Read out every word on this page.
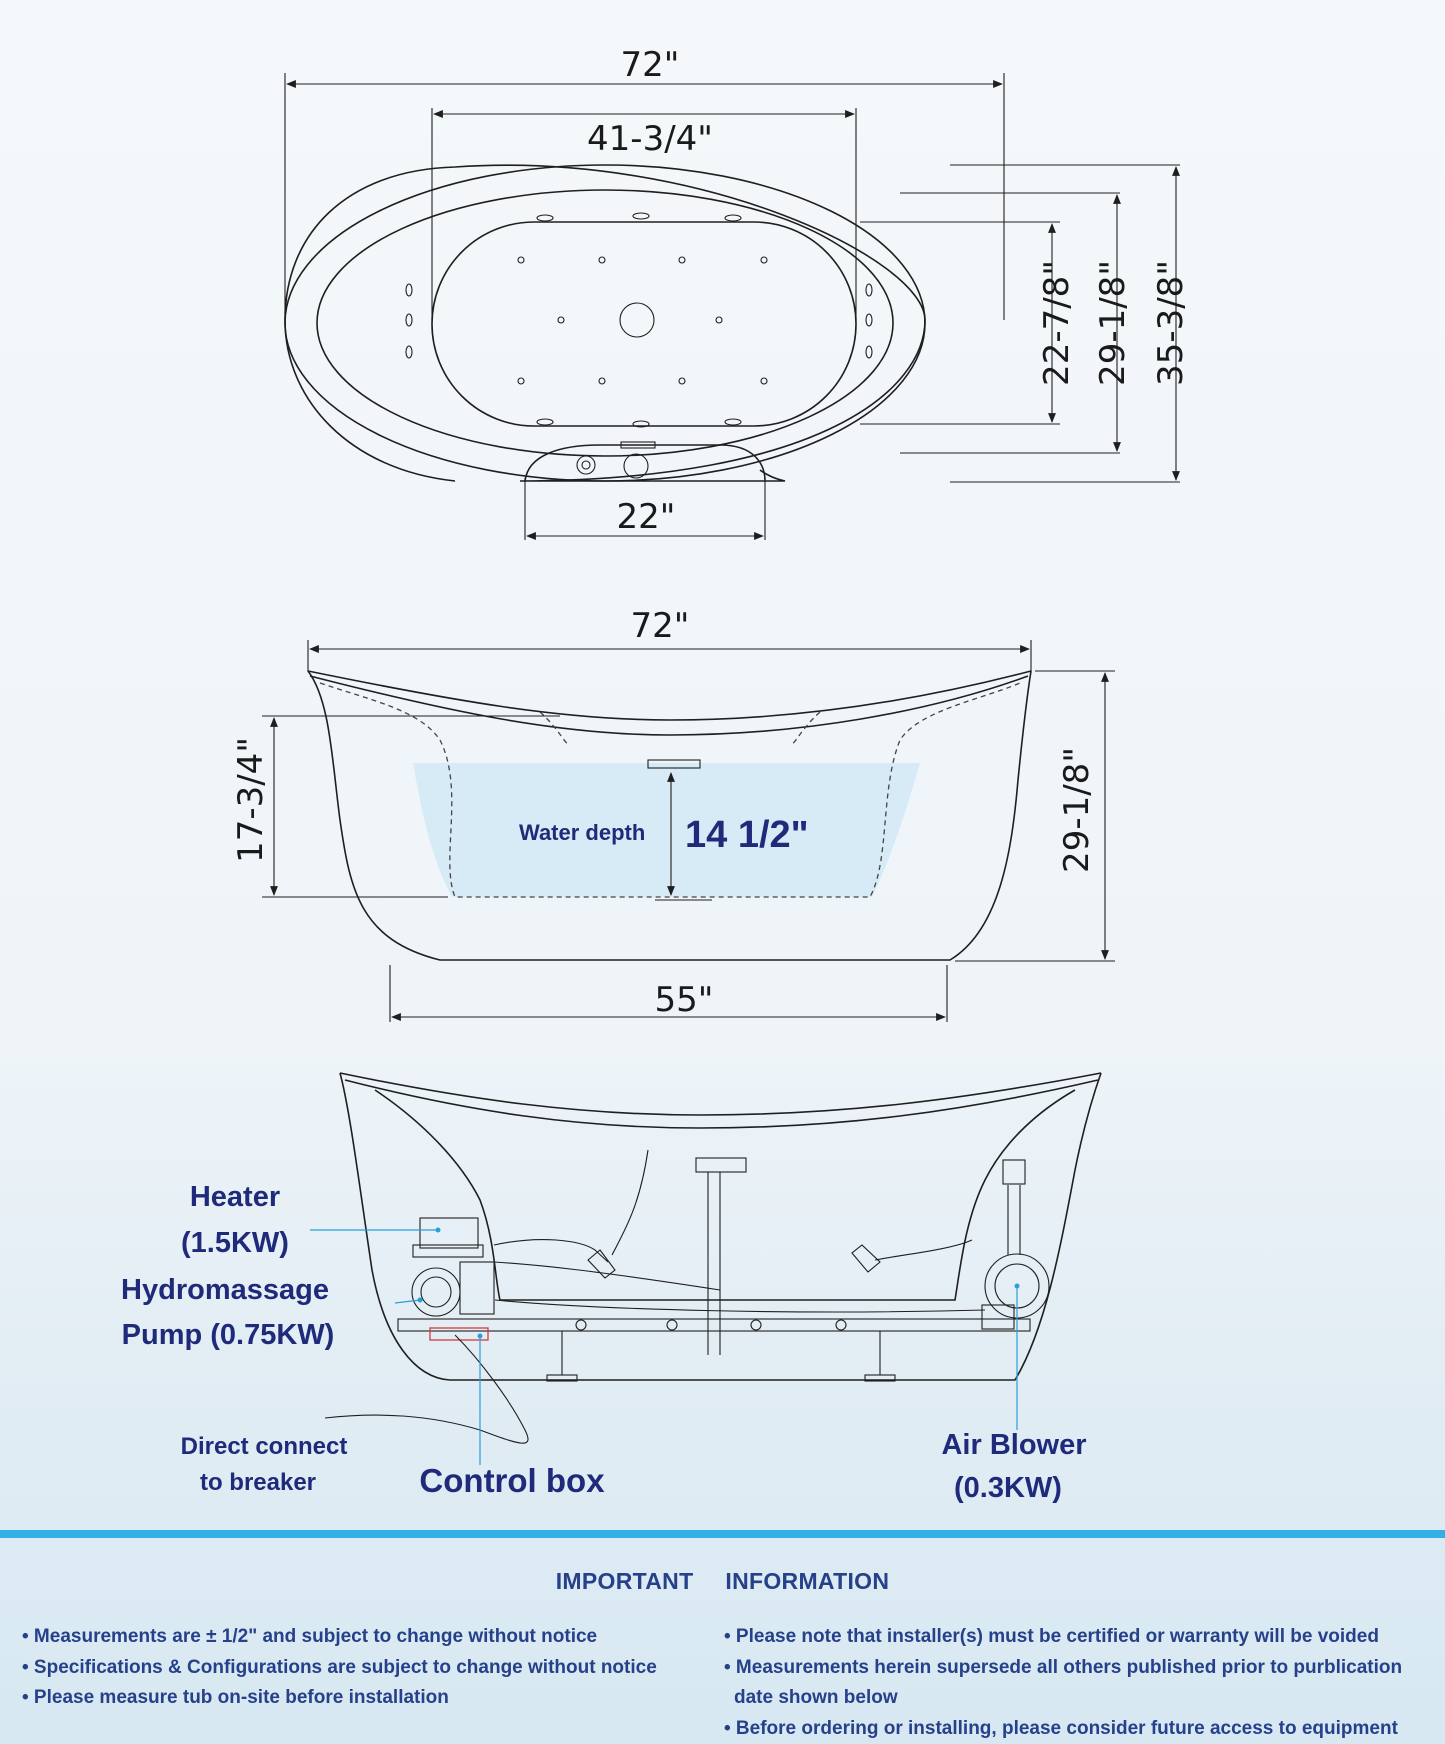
72"
41-3/4"
22"
22-7/8" 29-1/8" 35-3/8"
Water depth 14 1/2"
72"
17-3/4"	29-1/8"
55"
Heater
(1.5KW)
Hydromassage
Pump (0.75KW)
Direct connect
to breaker	Control box
Air Blower
(0.3KW)
IMPORTANT INFORMATION
• Measurements are ± 1/2" and subject to change without notice
• Specifications & Configurations are subject to change without notice
• Please measure tub on-site before installation
• Please note that installer(s) must be certified or warranty will be voided
• Measurements herein supersede all others published prior to purblication
date shown below
• Before ordering or installing, please consider future access to equipment
